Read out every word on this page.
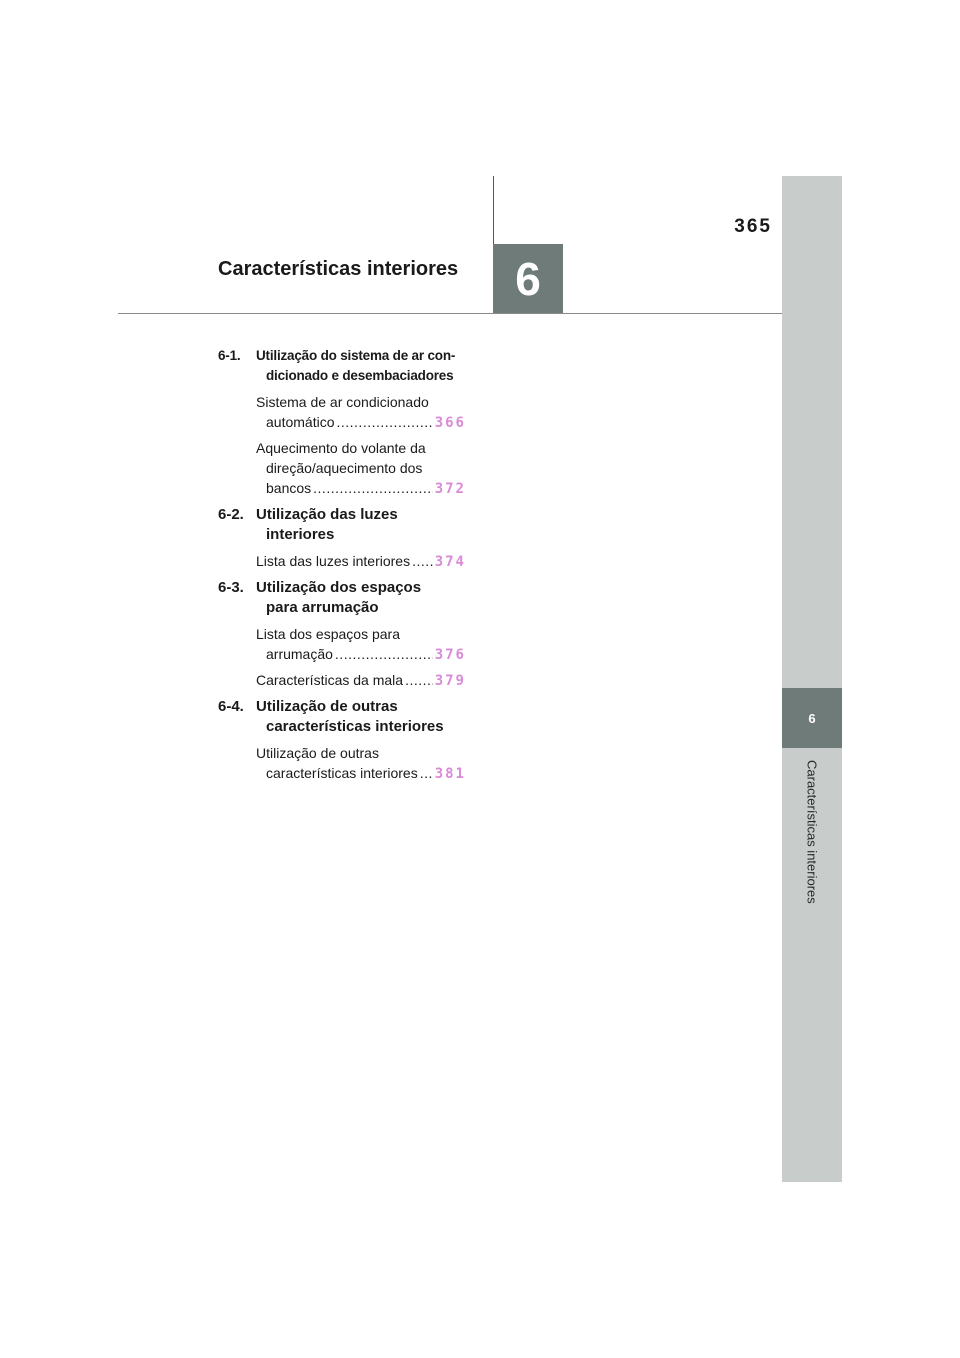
365
6
Características interiores
6
Características interiores
6-1.	Utilização do sistema de ar con-
dicionado e desembaciadores
Sistema de ar condicionado
automático .....	366
Aquecimento do volante da
direção/aquecimento dos
bancos .....	372
6-2. Utilização das luzes
interiores
Lista das luzes interiores ..... 374
6-3. Utilização dos espaços
para arrumação
Lista dos espaços para
arrumação .....	376
Características da mala ..... 379
6-4. Utilização de outras
características interiores
Utilização de outras
características interiores ..... 381
